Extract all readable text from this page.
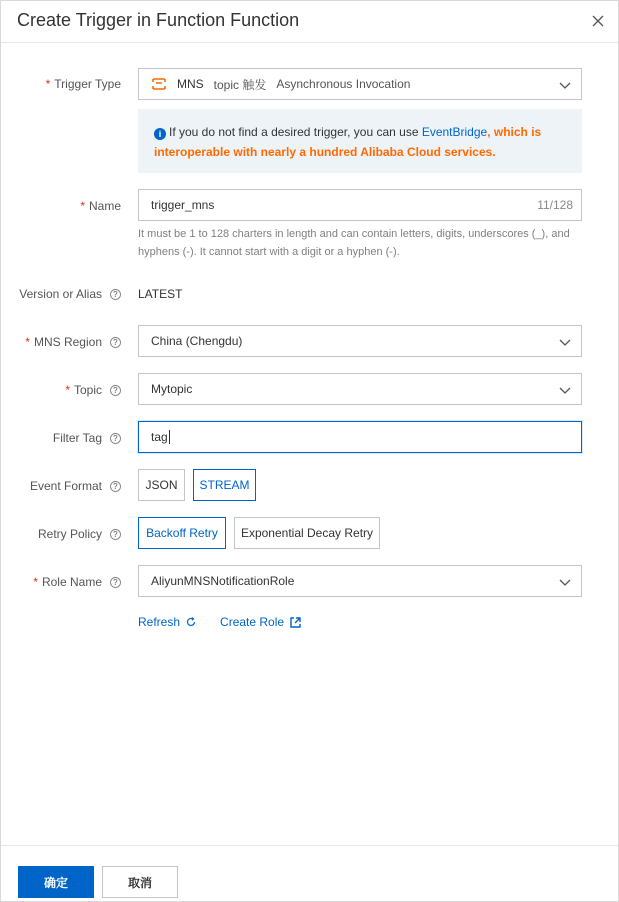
Create Trigger in Function Function
* Trigger Type	MNS topic 触发 Asynchronous Invocation
i If you do not find a desired trigger, you can use EventBridge, which is interoperable with nearly a hundred Alibaba Cloud services.
* Name	trigger_mns	11/128
It must be 1 to 128 charters in length and can contain letters, digits, underscores (_), and hyphens (-). It cannot start with a digit or a hyphen (-).
Version or Alias	? LATEST
* MNS Region	?	China (Chengdu)
* Topic	?	Mytopic
Filter Tag	?	tag
Event Format	?	JSON	STREAM
Retry Policy	?	Backoff Retry	Exponential Decay Retry
* Role Name	?	AliyunMNSNotificationRole
Refresh	Create Role
确定	取消
